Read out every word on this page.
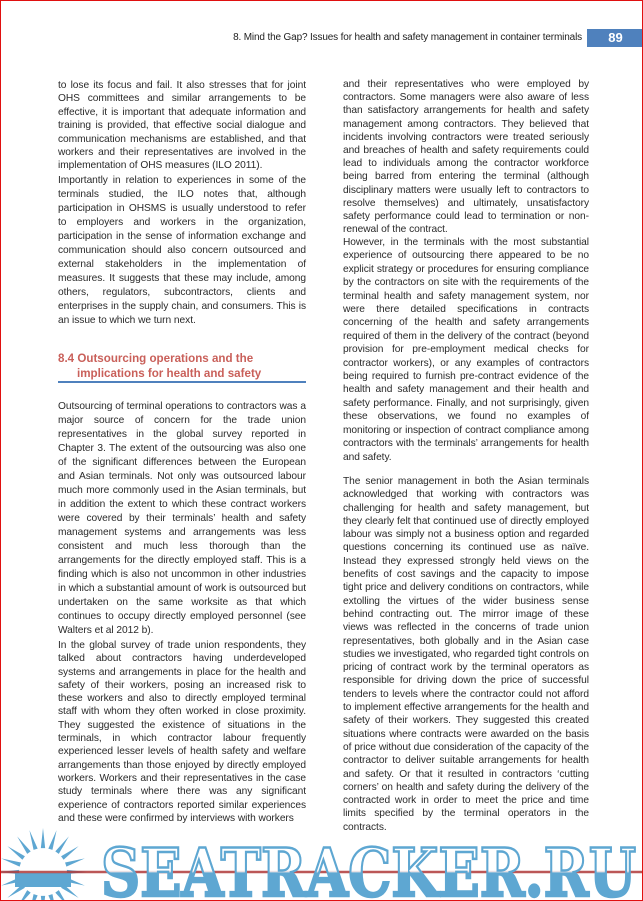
8. Mind the Gap? Issues for health and safety management in container terminals	89

to lose its focus and fail. It also stresses that for joint OHS committees and similar arrangements to be effective, it is important that adequate information and training is provided, that effective social dialogue and communication mechanisms are established, and that workers and their representatives are involved in the implementation of OHS measures (ILO 2011).

Importantly in relation to experiences in some of the terminals studied, the ILO notes that, although participation in OHSMS is usually understood to refer to employers and workers in the organization, participation in the sense of information exchange and communication should also concern outsourced and external stakeholders in the implementation of measures. It suggests that these may include, among others, regulators, subcontractors, clients and enterprises in the supply chain, and consumers. This is an issue to which we turn next.

8.4 Outsourcing operations and the
implications for health and safety

Outsourcing of terminal operations to contractors was a major source of concern for the trade union representatives in the global survey reported in Chapter 3. The extent of the outsourcing was also one of the significant differences between the European and Asian terminals. Not only was outsourced labour much more commonly used in the Asian terminals, but in addition the extent to which these contract workers were covered by their terminals’ health and safety management systems and arrangements was less consistent and much less thorough than the arrangements for the directly employed staff. This is a finding which is also not uncommon in other industries in which a substantial amount of work is outsourced but undertaken on the same worksite as that which continues to occupy directly employed personnel (see Walters et al 2012 b).

In the global survey of trade union respondents, they talked about contractors having underdeveloped systems and arrangements in place for the health and safety of their workers, posing an increased risk to these workers and also to directly employed terminal staff with whom they often worked in close proximity. They suggested the existence of situations in the terminals, in which contractor labour frequently experienced lesser levels of health safety and welfare arrangements than those enjoyed by directly employed workers. Workers and their representatives in the case study terminals where there was any significant experience of contractors reported similar experiences and these were confirmed by interviews with workers

and their representatives who were employed by contractors. Some managers were also aware of less than satisfactory arrangements for health and safety management among contractors. They believed that incidents involving contractors were treated seriously and breaches of health and safety requirements could lead to individuals among the contractor workforce being barred from entering the terminal (although disciplinary matters were usually left to contractors to resolve themselves) and ultimately, unsatisfactory safety performance could lead to termination or non-renewal of the contract.

However, in the terminals with the most substantial experience of outsourcing there appeared to be no explicit strategy or procedures for ensuring compliance by the contractors on site with the requirements of the terminal health and safety management system, nor were there detailed specifications in contracts concerning of the health and safety arrangements required of them in the delivery of the contract (beyond provision for pre-employment medical checks for contractor workers), or any examples of contractors being required to furnish pre-contract evidence of the health and safety management and their health and safety performance. Finally, and not surprisingly, given these observations, we found no examples of monitoring or inspection of contract compliance among contractors with the terminals’ arrangements for health and safety.

The senior management in both the Asian terminals acknowledged that working with contractors was challenging for health and safety management, but they clearly felt that continued use of directly employed labour was simply not a business option and regarded questions concerning its continued use as naïve. Instead they expressed strongly held views on the benefits of cost savings and the capacity to impose tight price and delivery conditions on contractors, while extolling the virtues of the wider business sense behind contracting out. The mirror image of these views was reflected in the concerns of trade union representatives, both globally and in the Asian case studies we investigated, who regarded tight controls on pricing of contract work by the terminal operators as responsible for driving down the price of successful tenders to levels where the contractor could not afford to implement effective arrangements for the health and safety of their workers. They suggested this created situations where contracts were awarded on the basis of price without due consideration of the capacity of the contractor to deliver suitable arrangements for health and safety. Or that it resulted in contractors ‘cutting corners’ on health and safety during the delivery of the contracted work in order to meet the price and time limits specified by the terminal operators in the contracts.

SEATRACKER.RU
